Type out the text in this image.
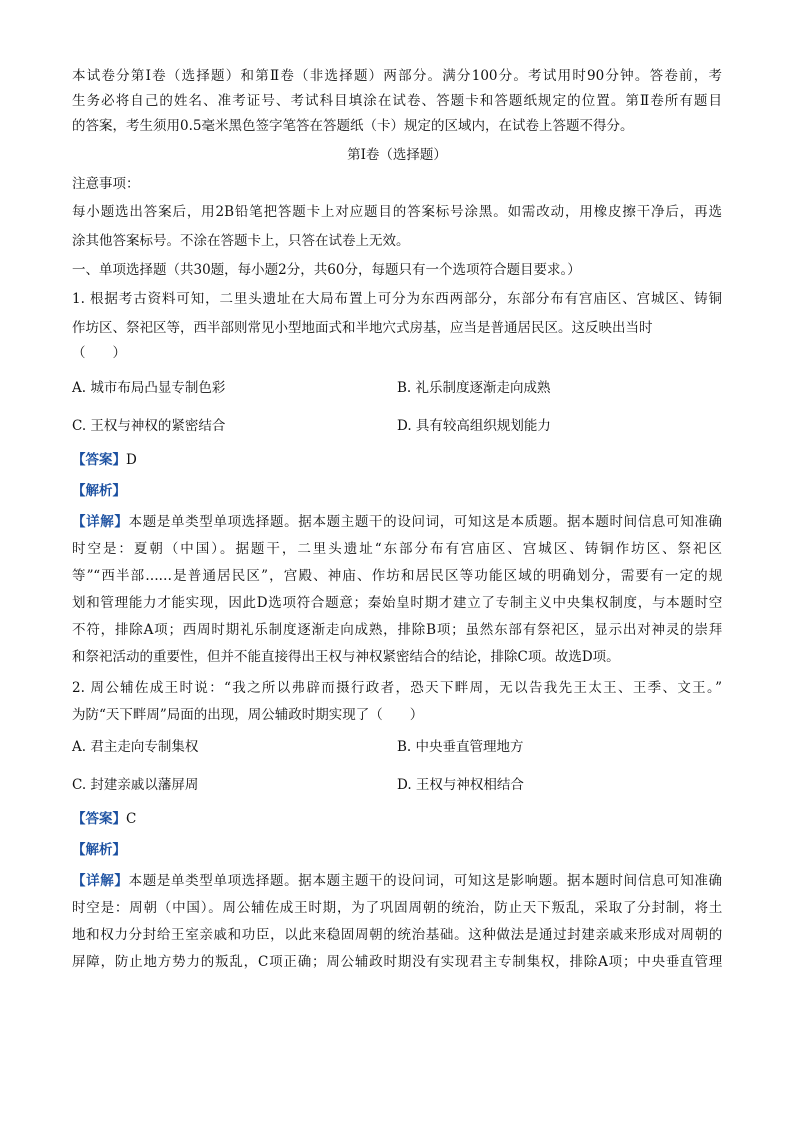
本试卷分第Ⅰ卷（选择题）和第Ⅱ卷（非选择题）两部分。满分100分。考试用时90分钟。答卷前，考
生务必将自己的姓名、准考证号、考试科目填涂在试卷、答题卡和答题纸规定的位置。第Ⅱ卷所有题目
的答案，考生须用0.5毫米黑色签字笔答在答题纸（卡）规定的区域内，在试卷上答题不得分。
第Ⅰ卷（选择题）
注意事项：
每小题选出答案后，用2B铅笔把答题卡上对应题目的答案标号涂黑。如需改动，用橡皮擦干净后，再选
涂其他答案标号。不涂在答题卡上，只答在试卷上无效。
一、单项选择题（共30题，每小题2分，共60分，每题只有一个选项符合题目要求。）
1. 根据考古资料可知，二里头遗址在大局布置上可分为东西两部分，东部分布有宫庙区、宫城区、铸铜
作坊区、祭祀区等，西半部则常见小型地面式和半地穴式房基，应当是普通居民区。这反映出当时
（　　）
A. 城市布局凸显专制色彩	B. 礼乐制度逐渐走向成熟
C. 王权与神权的紧密结合	D. 具有较高组织规划能力
【答案】 D
【解析】
【详解】本题是单类型单项选择题。据本题主题干的设问词，可知这是本质题。据本题时间信息可知准确
时空是：夏朝（中国）。据题干，二里头遗址“东部分布有宫庙区、宫城区、铸铜作坊区、祭祀区
等”“西半部……是普通居民区”，宫殿、神庙、作坊和居民区等功能区域的明确划分，需要有一定的规
划和管理能力才能实现，因此D选项符合题意；秦始皇时期才建立了专制主义中央集权制度，与本题时空
不符，排除A项；西周时期礼乐制度逐渐走向成熟，排除B项；虽然东部有祭祀区，显示出对神灵的崇拜
和祭祀活动的重要性，但并不能直接得出王权与神权紧密结合的结论，排除C项。故选D项。
2. 周公辅佐成王时说：“我之所以弗辟而摄行政者，恐天下畔周，无以告我先王太王、王季、文王。”
为防“天下畔周”局面的出现，周公辅政时期实现了（　　）
A. 君主走向专制集权	B. 中央垂直管理地方
C. 封建亲戚以藩屏周	D. 王权与神权相结合
【答案】 C
【解析】
【详解】本题是单类型单项选择题。据本题主题干的设问词，可知这是影响题。据本题时间信息可知准确
时空是：周朝（中国）。周公辅佐成王时期，为了巩固周朝的统治，防止天下叛乱，采取了分封制，将土
地和权力分封给王室亲戚和功臣，以此来稳固周朝的统治基础。这种做法是通过封建亲戚来形成对周朝的
屏障，防止地方势力的叛乱，C项正确；周公辅政时期没有实现君主专制集权，排除A项；中央垂直管理
